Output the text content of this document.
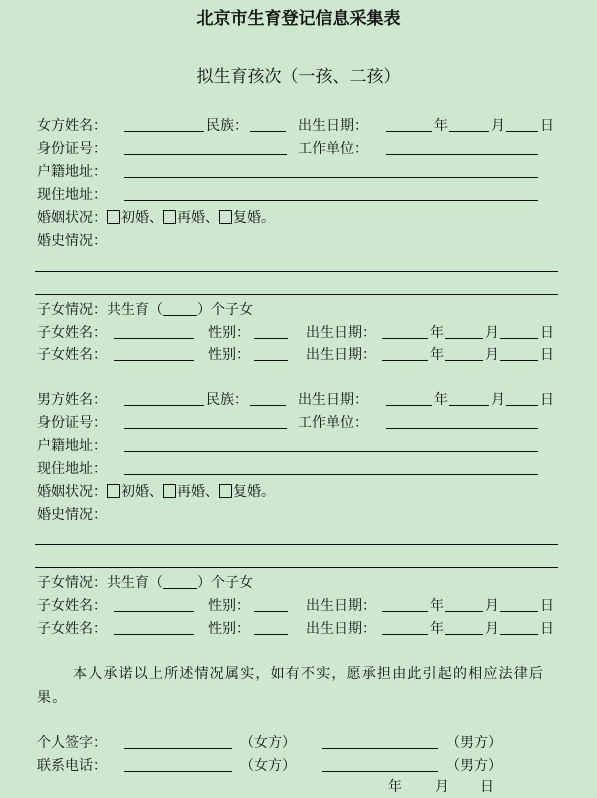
北京市生育登记信息采集表
拟生育孩次（一孩、二孩）
女方姓名：	民族：	出生日期：	年	月	日
身份证号：	工作单位：
户籍地址：
现住地址：
婚姻状况： 初婚、 再婚、 复婚。
婚史情况：
子女情况：共生育（ ）个子女
子女姓名：	性别：	出生日期：	年	月	日
子女姓名：	性别：	出生日期：	年	月	日
男方姓名：	民族：	出生日期：	年	月	日
身份证号：	工作单位：
户籍地址：
现住地址：
婚姻状况： 初婚、 再婚、 复婚。
婚史情况：
子女情况：共生育（ ）个子女
子女姓名：	性别：	出生日期：	年	月	日
子女姓名：	性别：	出生日期：	年	月	日
本人承诺以上所述情况属实，如有不实，愿承担由此引起的相应法律后果。
个人签字：	（女方）	（男方）
联系电话：	（女方）	（男方）
年 月 日
